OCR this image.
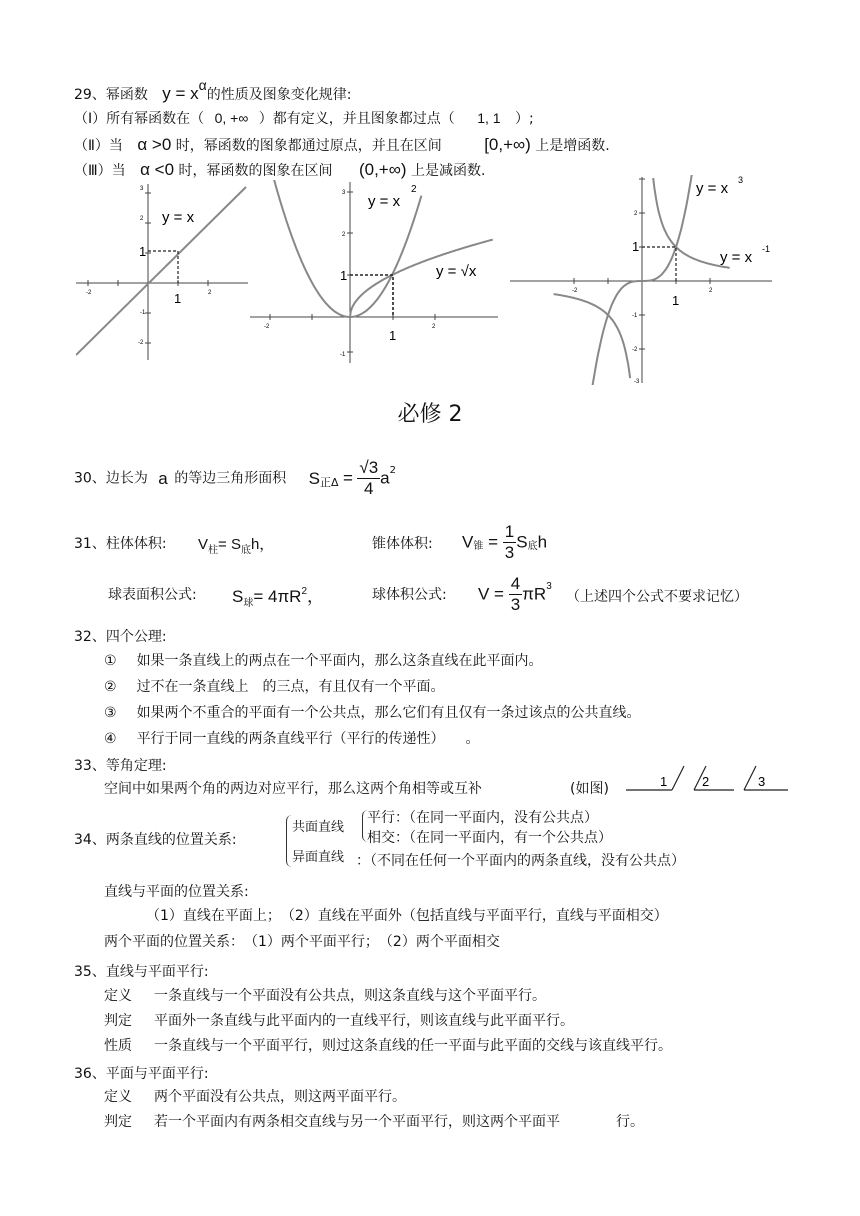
29、幂函数 y = xα的性质及图象变化规律:
（Ⅰ）所有幂函数在（ 0, +∞ ）都有定义，并且图象都过点（ 1, 1 ）;
（Ⅱ）当 α >0 时，幂函数的图象都通过原点，并且在区间 [0,+∞) 上是增函数.
（Ⅲ）当 α <0 时，幂函数的图象在区间 (0,+∞) 上是减函数.
y = x
1
1	2
3
2
-1
-2
-2
y = x
2
y = √x
1
1
-2	2
3
2
-1
y = x 3
y = x -1
1
1
-2	2
2
-1
-2
-3
必修 2
30、边长为 a 的等边三角形面积 $S_{正\Delta} = \frac{√3}{4} a^2$
31、柱体体积: $V_柱= S_底h$，	锥体体积: $V_锥 = \frac{1}{3} S_底h$
球表面积公式: $S_球= 4\pi R^2$，	球体积公式: $V = \frac{4}{3} \pi R^3$
（上述四个公式不要求记忆）
32、四个公理:
① 如果一条直线上的两点在一个平面内，那么这条直线在此平面内。
② 过不在一条直线上　的三点，有且仅有一个平面。
③ 如果两个不重合的平面有一个公共点，那么它们有且仅有一条过该点的公共直线。
④ 平行于同一直线的两条直线平行（平行的传递性）　　。
33、等角定理:
空间中如果两个角的两边对应平行，那么这两个角相等或互补	(如图)	1	2	3
34、两条直线的位置关系:
共面直线
平行：（在同一平面内，没有公共点）
相交：（在同一平面内，有一个公共点）
异面直线 ：（不同在任何一个平面内的两条直线，没有公共点）
直线与平面的位置关系:
（1）直线在平面上；　（2）直线在平面外（包括直线与平面平行，直线与平面相交）
两个平面的位置关系：　（1）两个平面平行；　（2）两个平面相交
35、直线与平面平行:
定义 一条直线与一个平面没有公共点，则这条直线与这个平面平行。
判定 平面外一条直线与此平面内的一直线平行，则该直线与此平面平行。
性质 一条直线与一个平面平行，则过这条直线的任一平面与此平面的交线与该直线平行。
36、平面与平面平行:
定义 两个平面没有公共点，则这两平面平行。
判定 若一个平面内有两条相交直线与另一个平面平行，则这两个平面平　　　　行。
